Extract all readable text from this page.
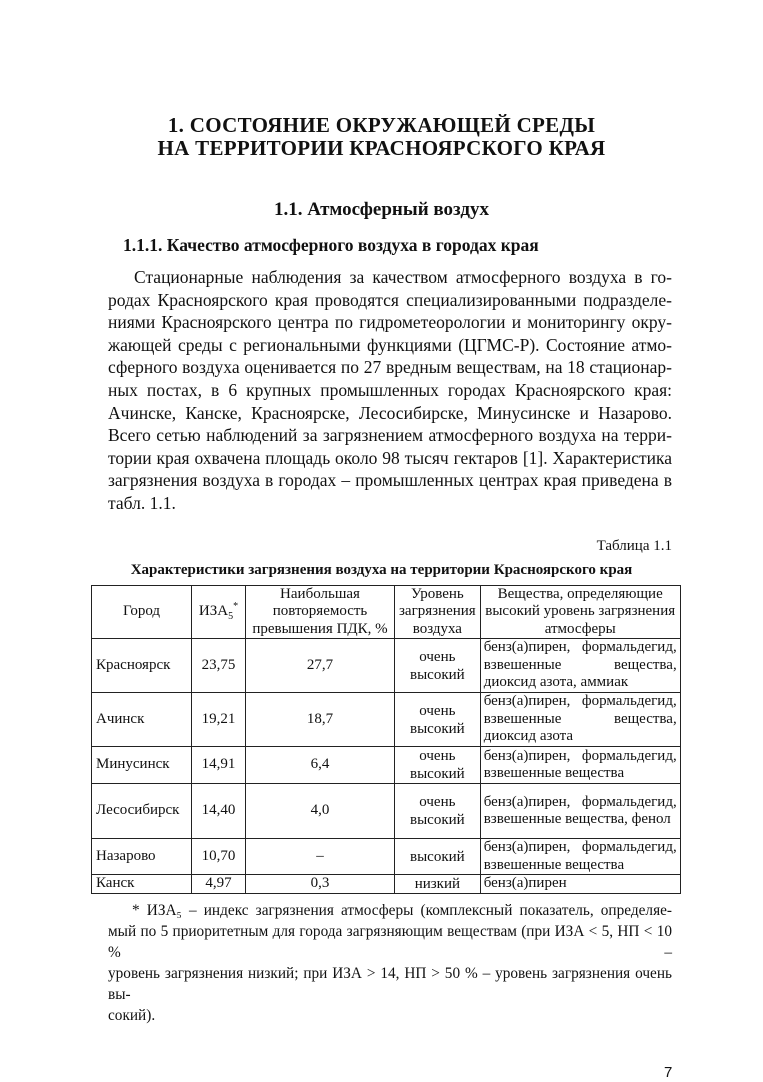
1. СОСТОЯНИЕ ОКРУЖАЮЩЕЙ СРЕДЫ
НА ТЕРРИТОРИИ КРАСНОЯРСКОГО КРАЯ
1.1. Атмосферный воздух
1.1.1. Качество атмосферного воздуха в городах края
Стационарные наблюдения за качеством атмосферного воздуха в го-
родах Красноярского края проводятся специализированными подразделе-
ниями Красноярского центра по гидрометеорологии и мониторингу окру-
жающей среды с региональными функциями (ЦГМС-Р). Состояние атмо-
сферного воздуха оценивается по 27 вредным веществам, на 18 стационар-
ных постах, в 6 крупных промышленных городах Красноярского края:
Ачинске, Канске, Красноярске, Лесосибирске, Минусинске и Назарово.
Всего сетью наблюдений за загрязнением атмосферного воздуха на терри-
тории края охвачена площадь около 98 тысяч гектаров [1]. Характеристика
загрязнения воздуха в городах – промышленных центрах края приведена в
табл. 1.1.
Таблица 1.1
Характеристики загрязнения воздуха на территории Красноярского края
Город	$ИЗА_5^*$	Наибольшая повторяемость превышения ПДК, %	Уровень загрязнения воздуха	Вещества, определяющие высокий уровень загрязнения атмосферы
Красноярск	23,75	27,7	очень высокий	бенз(а)пирен, формальдегид, взвешенные вещества, диоксид азота, аммиак
Ачинск	19,21	18,7	очень высокий	бенз(а)пирен, формальдегид, взвешенные вещества, диоксид азота
Минусинск	14,91	6,4	очень высокий	бенз(а)пирен, формальдегид, взвешенные вещества
Лесосибирск	14,40	4,0	очень высокий	бенз(а)пирен, формальдегид, взвешенные вещества, фенол
Назарово	10,70	–	высокий	бенз(а)пирен, формальдегид, взвешенные вещества
Канск	4,97	0,3	низкий	бенз(а)пирен
* ИЗА₅ – индекс загрязнения атмосферы (комплексный показатель, определяе-
мый по 5 приоритетным для города загрязняющим веществам (при ИЗА < 5, НП < 10 % –
уровень загрязнения низкий; при ИЗА > 14, НП > 50 % – уровень загрязнения очень вы-
сокий).
7
